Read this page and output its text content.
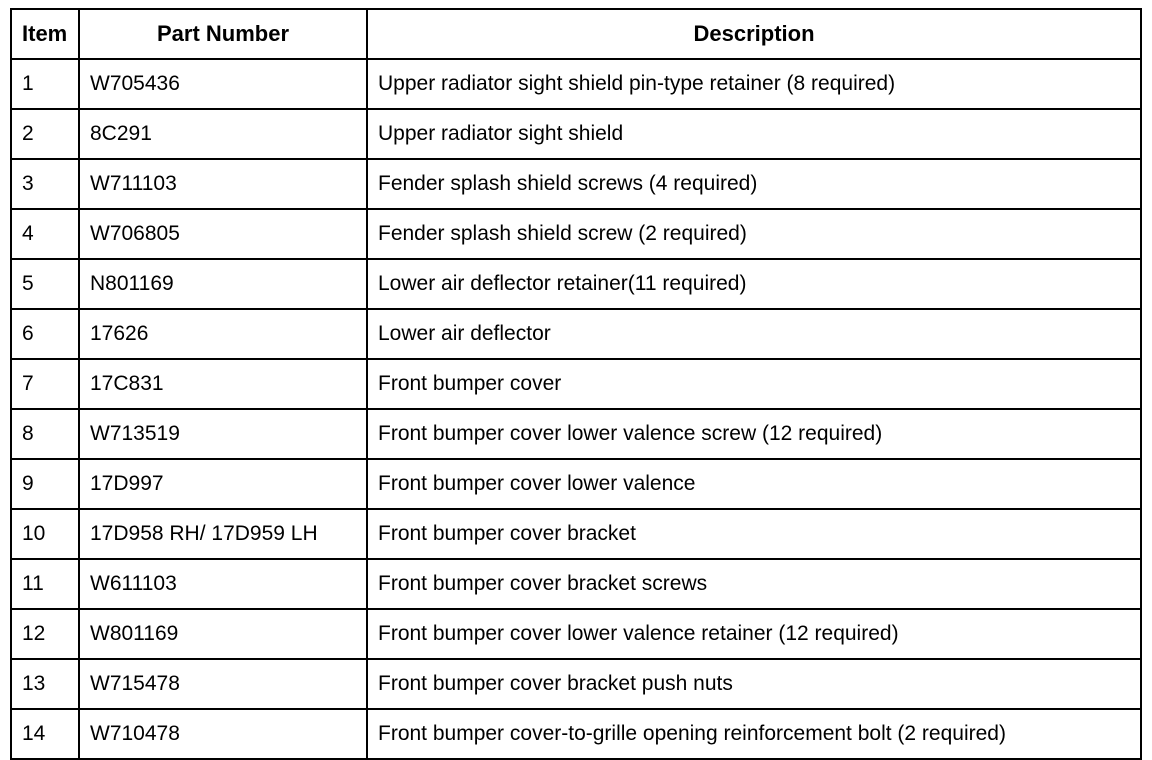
Item	Part Number	Description
1	W705436	Upper radiator sight shield pin-type retainer (8 required)
2	8C291	Upper radiator sight shield
3	W711103	Fender splash shield screws (4 required)
4	W706805	Fender splash shield screw (2 required)
5	N801169	Lower air deflector retainer(11 required)
6	17626	Lower air deflector
7	17C831	Front bumper cover
8	W713519	Front bumper cover lower valence screw (12 required)
9	17D997	Front bumper cover lower valence
10	17D958 RH/ 17D959 LH	Front bumper cover bracket
11	W611103	Front bumper cover bracket screws
12	W801169	Front bumper cover lower valence retainer (12 required)
13	W715478	Front bumper cover bracket push nuts
14	W710478	Front bumper cover-to-grille opening reinforcement bolt (2 required)
